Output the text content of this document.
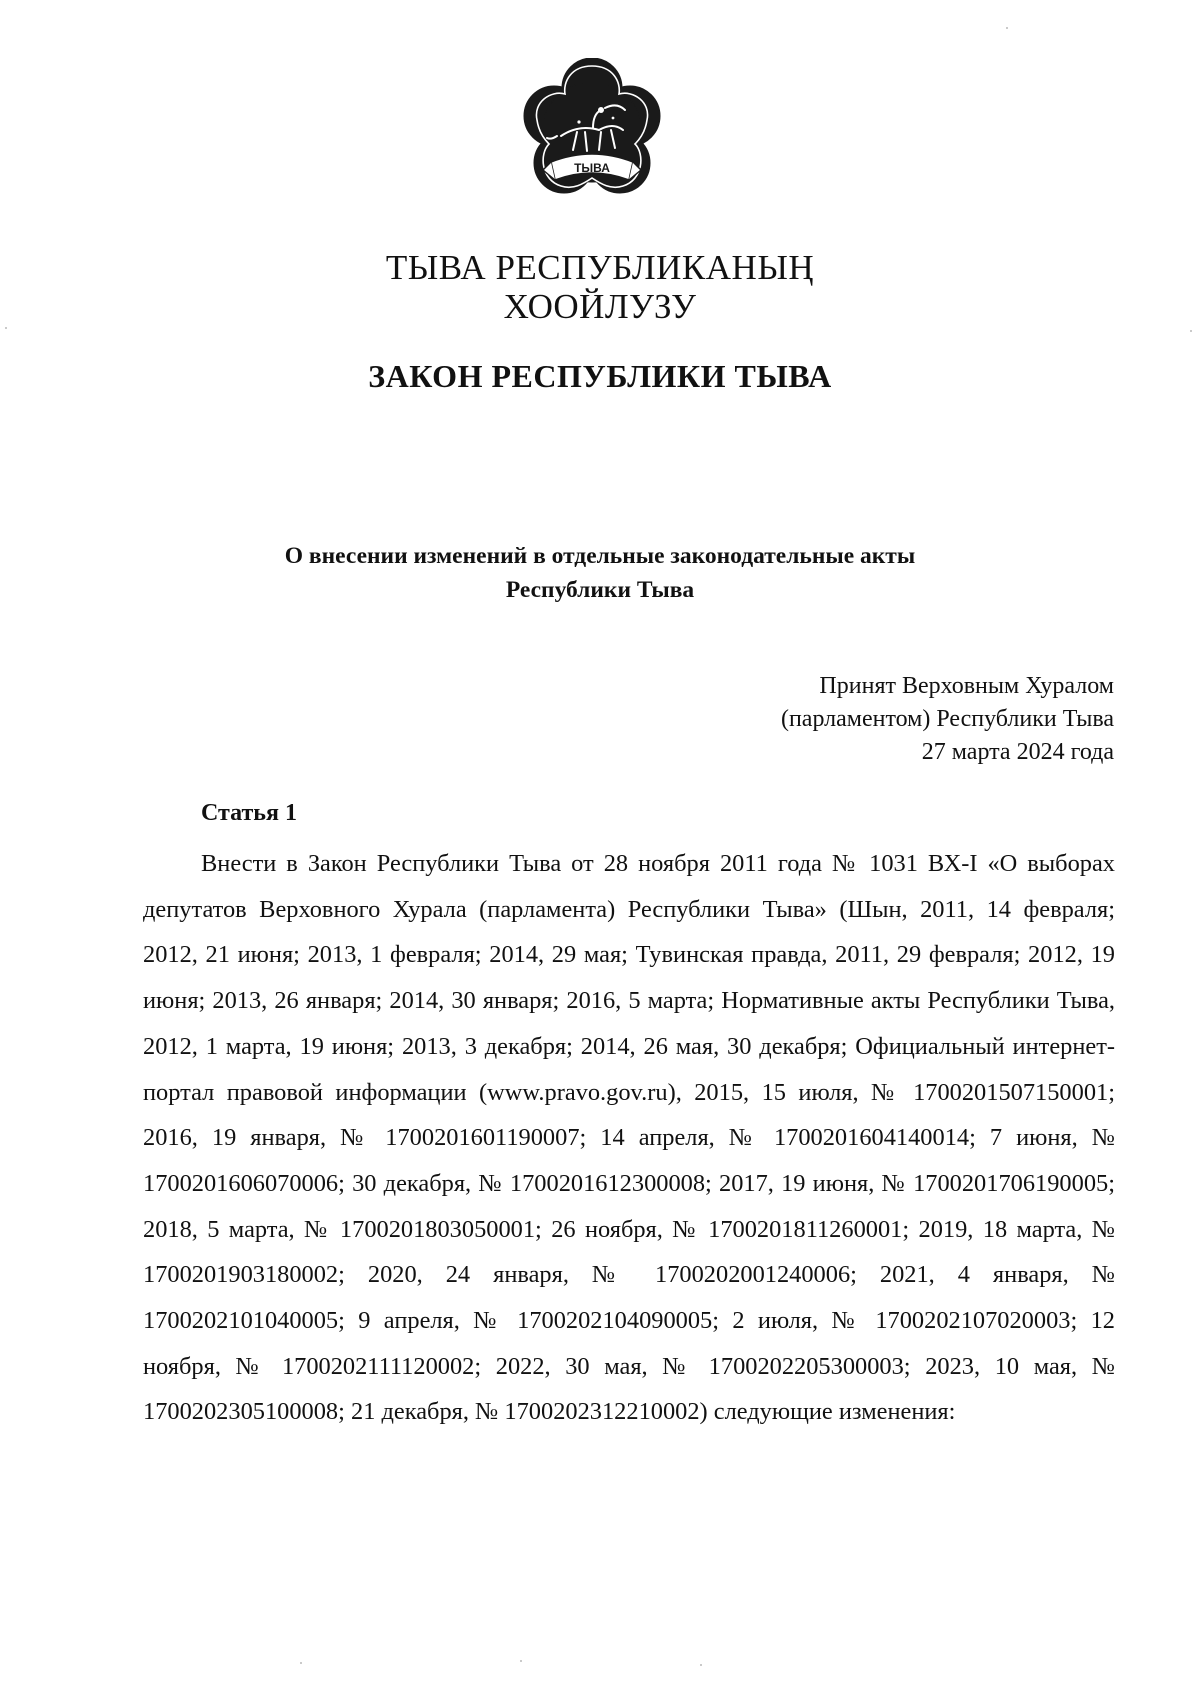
ТЫВА
ТЫВА РЕСПУБЛИКАНЫҢ
ХООЙЛУЗУ
ЗАКОН РЕСПУБЛИКИ ТЫВА
О внесении изменений в отдельные законодательные акты
Республики Тыва
Принят Верховным Хуралом
(парламентом) Республики Тыва
27 марта 2024 года
Статья 1
Внести в Закон Республики Тыва от 28 ноября 2011 года № 1031 ВХ-I «О выборах депутатов Верховного Хурала (парламента) Республики Тыва» (Шын, 2011, 14 февраля; 2012, 21 июня; 2013, 1 февраля; 2014, 29 мая; Тувинская правда, 2011, 29 февраля; 2012, 19 июня; 2013, 26 января; 2014, 30 января; 2016, 5 марта; Нормативные акты Республики Тыва, 2012, 1 марта, 19 июня; 2013, 3 декабря; 2014, 26 мая, 30 декабря; Официальный интернет-портал правовой информации (www.pravo.gov.ru), 2015, 15 июля, № 1700201507150001; 2016, 19 января, № 1700201601190007; 14 апреля, № 1700201604140014; 7 июня, № 1700201606070006; 30 декабря, № 1700201612300008; 2017, 19 июня, № 1700201706190005; 2018, 5 марта, № 1700201803050001; 26 ноября, № 1700201811260001; 2019, 18 марта, № 1700201903180002; 2020, 24 января, № 1700202001240006; 2021, 4 января, № 1700202101040005; 9 апреля, № 1700202104090005; 2 июля, № 1700202107020003; 12 ноября, № 1700202111120002; 2022, 30 мая, № 1700202205300003; 2023, 10 мая, № 1700202305100008; 21 декабря, № 1700202312210002) следующие изменения:
